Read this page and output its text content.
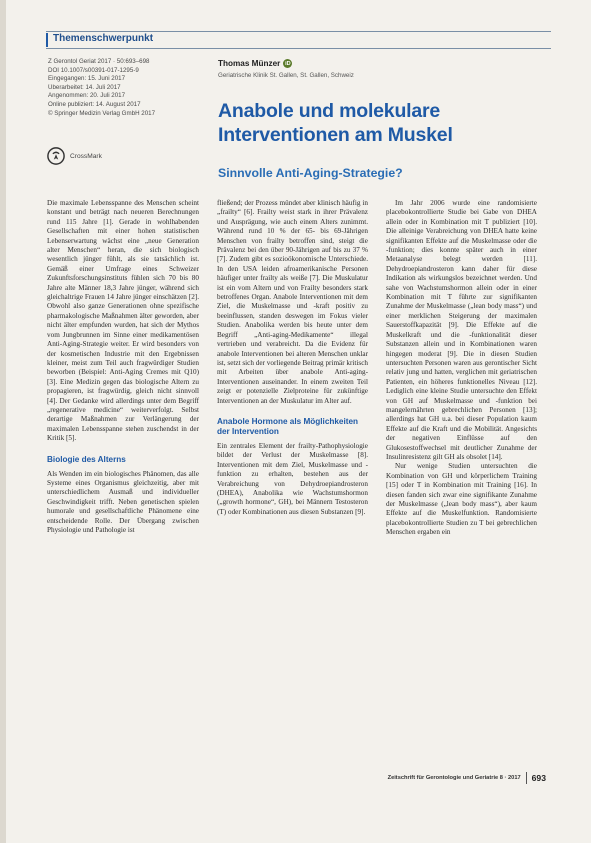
Themenschwerpunkt
Z Gerontol Geriat 2017 · 50:693–698
DOI 10.1007/s00391-017-1295-9
Eingegangen: 15. Juni 2017
Überarbeitet: 14. Juli 2017
Angenommen: 20. Juli 2017
Online publiziert: 14. August 2017
© Springer Medizin Verlag GmbH 2017
CrossMark
Thomas Münzer iD
Geriatrische Klinik St. Gallen, St. Gallen, Schweiz
Anabole und molekulare Interventionen am Muskel
Sinnvolle Anti-Aging-Strategie?

Die maximale Lebensspanne des Menschen scheint konstant und beträgt nach neueren Berechnungen rund 115 Jahre [1]. Gerade in wohlhabenden Gesellschaften mit einer hohen statistischen Lebenserwartung wächst eine „neue Generation alter Menschen“ heran, die sich biologisch wesentlich jünger fühlt, als sie tatsächlich ist. Gemäß einer Umfrage eines Schweizer Zukunftsforschungsinstituts fühlen sich 70 bis 80 Jahre alte Männer 18,3 Jahre jünger, während sich gleichaltrige Frauen 14 Jahre jünger einschätzen [2]. Obwohl also ganze Generationen ohne spezifische pharmakologische Maßnahmen älter geworden, aber nicht älter empfunden wurden, hat sich der Mythos vom Jungbrunnen im Sinne einer medikamentösen Anti-Aging-Strategie weiter. Er wird besonders von der kosmetischen Industrie mit den Ergebnissen kleiner, meist zum Teil auch fragwürdiger Studien beworben (Beispiel: Anti-Aging Cremes mit Q10) [3]. Eine Medizin gegen das biologische Altern zu propagieren, ist fragwürdig, gleich nicht sinnvoll [4]. Der Gedanke wird allerdings unter dem Begriff „regenerative medicine“ weiterverfolgt. Selbst derartige Maßnahmen zur Verlängerung der maximalen Lebensspanne stehen zuschendst in der Kritik [5].

Biologie des Alterns

Als Wenden im ein biologisches Phänomen, das alle Systeme eines Organismus gleichzeitig, aber mit unterschiedlichem Ausmaß und individueller Geschwindigkeit trifft. Neben genetischen spielen humorale und gesellschaftliche Phänomene eine entscheidende Rolle. Der Übergang zwischen Physiologie und Pathologie ist

fließend; der Prozess mündet aber klinisch häufig in „frailty“ [6]. Frailty weist stark in ihrer Prävalenz und Ausprägung, wie auch einem Alters zunimmt. Während rund 10 % der 65- bis 69-Jährigen Menschen von frailty betroffen sind, steigt die Prävalenz bei den über 90-Jährigen auf bis zu 37 % [7]. Zudem gibt es sozioökonomische Unterschiede. In den USA leiden afroamerikanische Personen häufiger unter frailty als weiße [7]. Die Muskulatur ist ein vom Altern und von Frailty besonders stark betroffenes Organ. Anabole Interventionen mit dem Ziel, die Muskelmasse und -kraft positiv zu beeinflussen, standen deswegen im Fokus vieler Studien. Anabolika werden bis heute unter dem Begriff „Anti-aging-Medikamente“ illegal vertrieben und verabreicht. Da die Evidenz für anabole Interventionen bei alteren Menschen unklar ist, setzt sich der vorliegende Beitrag primär kritisch mit Arbeiten über anabole Anti-aging-Interventionen auseinander. In einem zweiten Teil zeigt er potenzielle Zielproteine für zukünftige Interventionen an der Muskulatur im Alter auf.

Anabole Hormone als Möglichkeiten der Intervention

Ein zentrales Element der frailty-Pathophysiologie bildet der Verlust der Muskelmasse [8]. Interventionen mit dem Ziel, Muskelmasse und -funktion zu erhalten, bestehen aus der Verabreichung von Dehydroepiandrosteron (DHEA), Anabolika wie Wachstumshormon („growth hormone“, GH), bei Männern Testosteron (T) oder Kombinationen aus diesen Substanzen [9].

Im Jahr 2006 wurde eine randomisierte placebokontrollierte Studie bei Gabe von DHEA allein oder in Kombination mit T publiziert [10]. Die alleinige Verabreichung von DHEA hatte keine signifikanten Effekte auf die Muskelmasse oder die -funktion; dies konnte später auch in einer Metaanalyse belegt werden [11]. Dehydroepiandrosteron kann daher für diese Indikation als wirkungslos bezeichnet werden. Und sahe von Wachstumshormon allein oder in einer Kombination mit T führte zur signifikanten Zunahme der Muskelmasse („lean body mass“) und einer merklichen Steigerung der maximalen Sauerstoffkapazität [9]. Die Effekte auf die Muskelkraft und die -funktionalität dieser Substanzen allein und in Kombinationen waren hingegen moderat [9]. Die in diesen Studien untersuchten Personen waren aus gerontischer Sicht relativ jung und hatten, verglichen mit geriatrischen Patienten, ein höheres funktionelles Niveau [12]. Lediglich eine kleine Studie untersuchte den Effekt von GH auf Muskelmasse und -funktion bei mangelernährten gebrechlichen Personen [13]; allerdings hat GH u.a. bei dieser Population kaum Effekte auf die Kraft und die Mobilität. Angesichts der negativen Einflüsse auf den Glukosestoffwechsel mit deutlicher Zunahme der Insulinresistenz gilt GH als obsolet [14].

Nur wenige Studien untersuchten die Kombination von GH und körperlichem Training [15] oder T in Kombination mit Training [16]. In diesen fanden sich zwar eine signifikante Zunahme der Muskelmasse („lean body mass“), aber kaum Effekte auf die Muskelfunktion. Randomisierte placebokontrollierte Studien zu T bei gebrechlichen Menschen ergaben ein

Zeitschrift für Gerontologie und Geriatrie 8 · 2017 693
